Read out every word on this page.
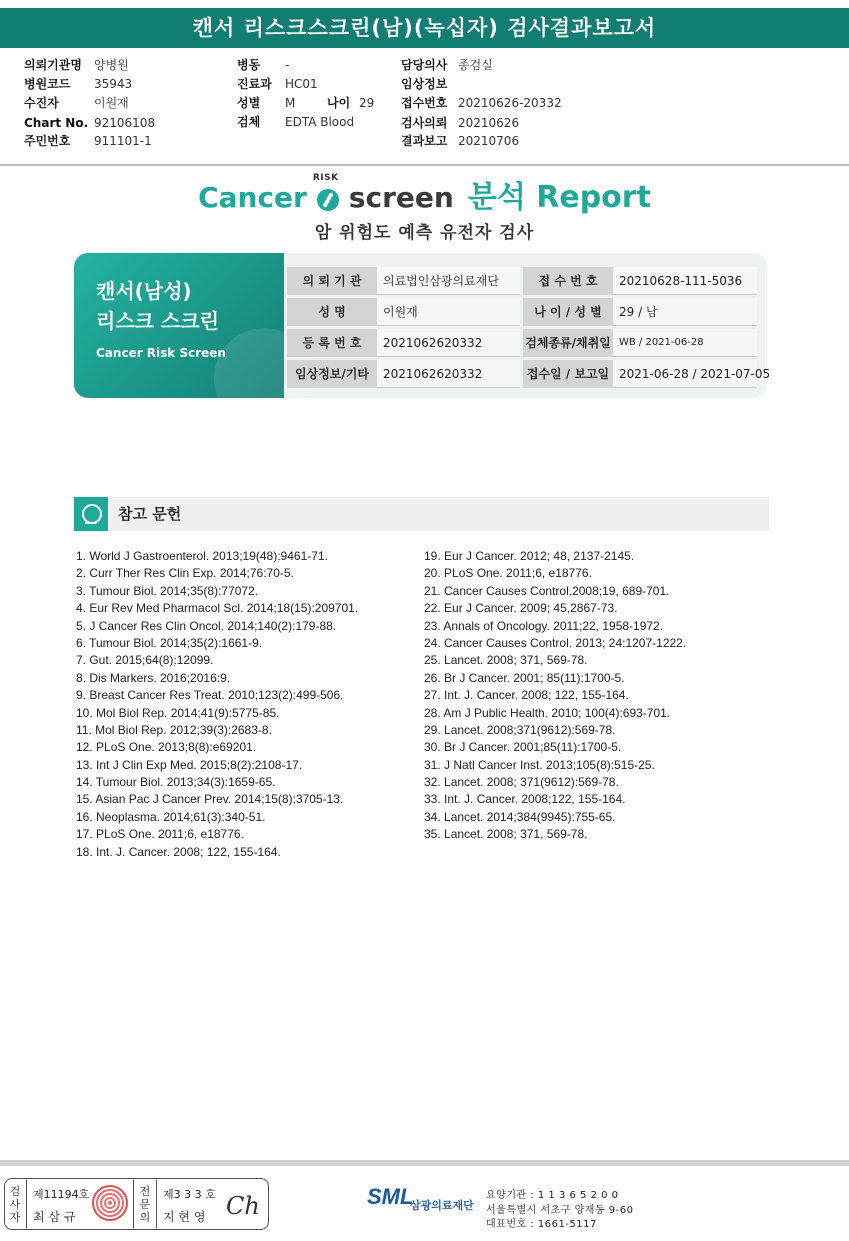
캔서 리스크스크린(남)(녹십자) 검사결과보고서
의뢰기관명 양병원
병원코드 35943
수진자	이원재
Chart No. 92106108
주민번호 911101-1
병동 -
진료과 HC01
성별 M	나이 29
검체 EDTA Blood
담당의사 종검실
임상정보
접수번호 20210626-20332
검사의뢰 20210626
결과보고 20210706
Cancer
RISK
screen 분석 Report
암 위험도 예측 유전자 검사
캔서(남성)
리스크 스크린
Cancer Risk Screen
의 뢰 기 관	의료법인삼광의료재단	접 수 번 호	20210628-111-5036
성 명	이원재	나 이 / 성 별	29 / 남
등 록 번 호	2021062620332	검체종류/채취일 WB / 2021-06-28
임상정보/기타	2021062620332	접수일 / 보고일 2021-06-28 / 2021-07-05
참고 문헌
1. World J Gastroenterol. 2013;19(48):9461-71.
2. Curr Ther Res Clin Exp. 2014;76:70-5.
3. Tumour Biol. 2014;35(8):77072.
4. Eur Rev Med Pharmacol Scl. 2014;18(15):209701.
5. J Cancer Res Clin Oncol. 2014;140(2):179-88.
6. Tumour Biol. 2014;35(2):1661-9.
7. Gut. 2015;64(8):12099.
8. Dis Markers. 2016;2016:9.
9. Breast Cancer Res Treat. 2010;123(2):499-506.
10. Mol Biol Rep. 2014;41(9):5775-85.
11. Mol Biol Rep. 2012;39(3):2683-8.
12. PLoS One. 2013;8(8):e69201.
13. Int J Clin Exp Med. 2015;8(2):2108-17.
14. Tumour Biol. 2013;34(3):1659-65.
15. Asian Pac J Cancer Prev. 2014;15(8):3705-13.
16. Neoplasma. 2014;61(3):340-51.
17. PLoS One. 2011;6, e18776.
18. Int. J. Cancer. 2008; 122, 155-164.
19. Eur J Cancer. 2012; 48, 2137-2145.
20. PLoS One. 2011;6, e18776.
21. Cancer Causes Control.2008;19, 689-701.
22. Eur J Cancer. 2009; 45,2867-73.
23. Annals of Oncology. 2011;22, 1958-1972.
24. Cancer Causes Control. 2013; 24:1207-1222.
25. Lancet. 2008; 371, 569-78.
26. Br J Cancer. 2001; 85(11):1700-5.
27. Int. J. Cancer. 2008; 122, 155-164.
28. Am J Public Health. 2010; 100(4):693-701.
29. Lancet. 2008;371(9612):569-78.
30. Br J Cancer. 2001;85(11):1700-5.
31. J Natl Cancer Inst. 2013;105(8):515-25.
32. Lancet. 2008; 371(9612):569-78.
33. Int. J. Cancer. 2008;122, 155-164.
34. Lancet. 2014;384(9945):755-65.
35. Lancet. 2008; 371, 569-78.
검
사
자
제11194호
최 삼 규
전
문
의
제3 3 3 호
지 현 영 Ch	SML
삼광의료재단
요양기관 : 1 1 3 6 5 2 0 0
서울특별시 서초구 양재동 9-60
대표번호 : 1661-5117
